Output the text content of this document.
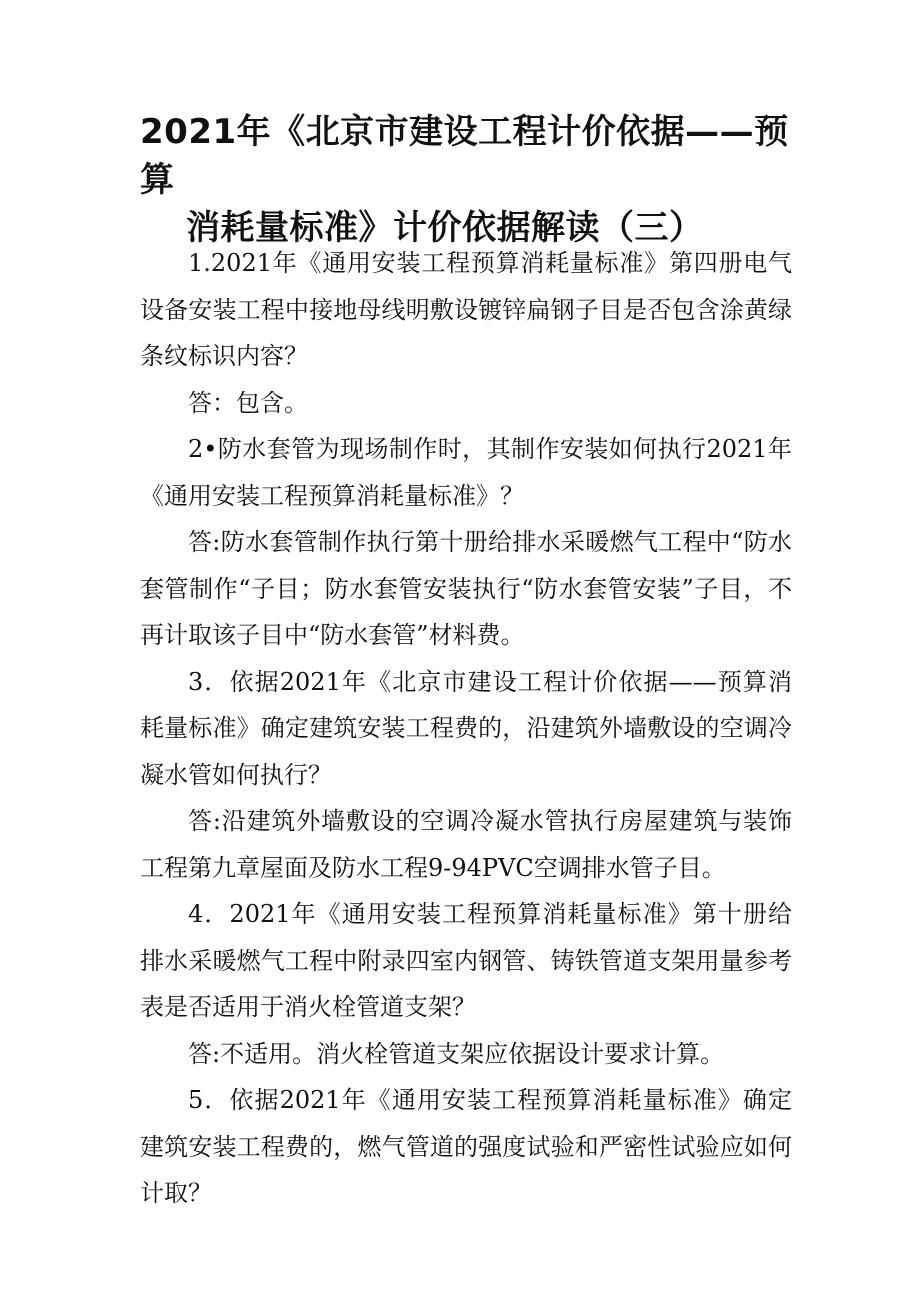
2021年《北京市建设工程计价依据——预算
消耗量标准》计价依据解读（三）

1.2021年《通用安装工程预算消耗量标准》第四册电气设备安装工程中接地母线明敷设镀锌扁钢子目是否包含涂黄绿条纹标识内容？

答：包含。

2•防水套管为现场制作时，其制作安装如何执行2021年《通用安装工程预算消耗量标准》？

答:防水套管制作执行第十册给排水采暖燃气工程中“防水套管制作“子目；防水套管安装执行“防水套管安装”子目，不再计取该子目中“防水套管”材料费。

3．依据2021年《北京市建设工程计价依据——预算消耗量标准》确定建筑安装工程费的，沿建筑外墙敷设的空调冷凝水管如何执行？

答:沿建筑外墙敷设的空调冷凝水管执行房屋建筑与装饰工程第九章屋面及防水工程9-94PVC空调排水管子目。

4．2021年《通用安装工程预算消耗量标准》第十册给排水采暖燃气工程中附录四室内钢管、铸铁管道支架用量参考表是否适用于消火栓管道支架？

答:不适用。消火栓管道支架应依据设计要求计算。

5．依据2021年《通用安装工程预算消耗量标准》确定建筑安装工程费的，燃气管道的强度试验和严密性试验应如何计取？
